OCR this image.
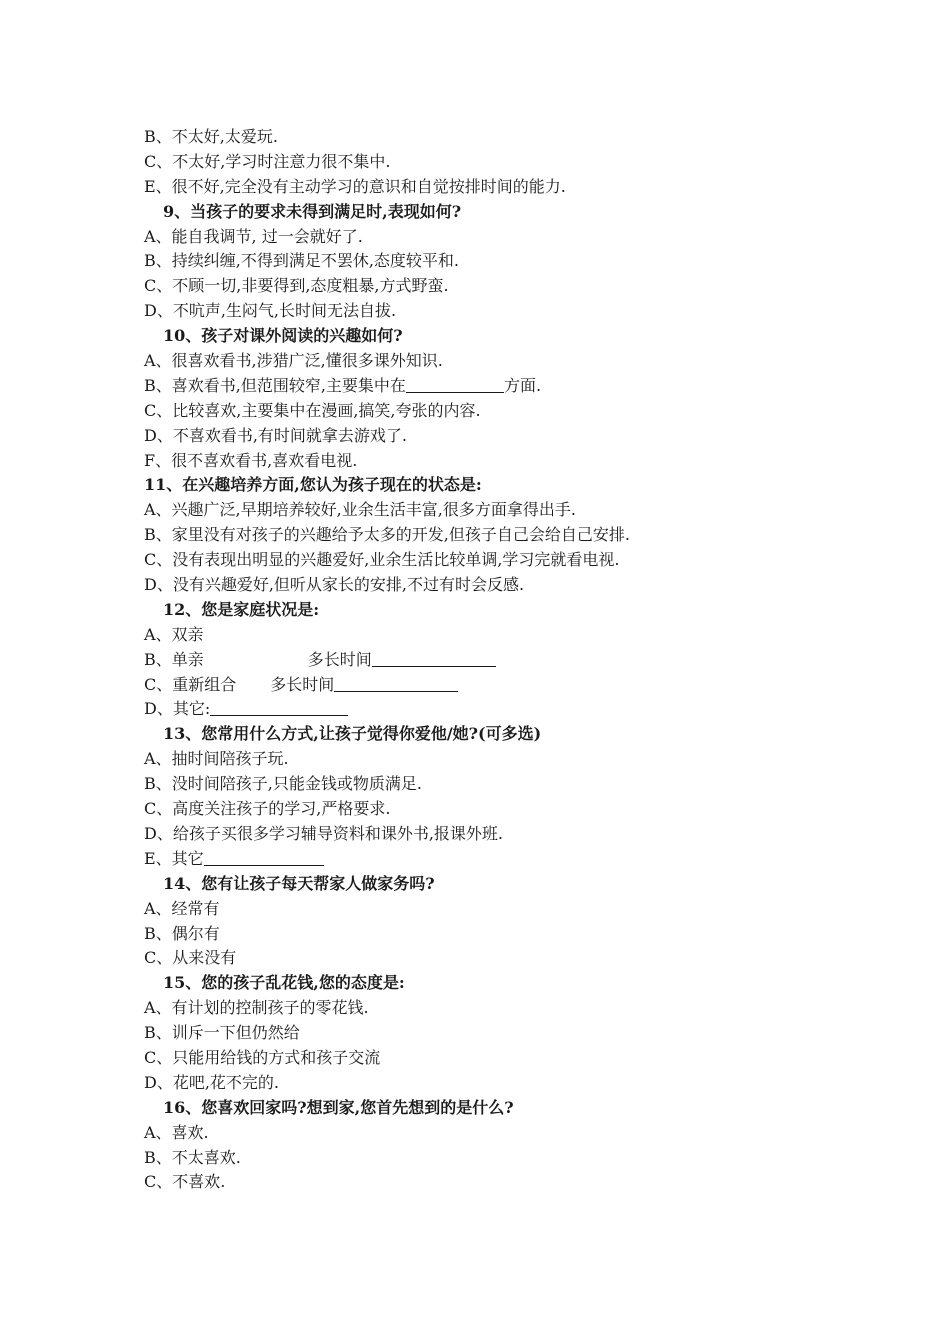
B、不太好,太爱玩.
C、不太好,学习时注意力很不集中.
E、很不好,完全没有主动学习的意识和自觉按排时间的能力.
9、当孩子的要求未得到满足时,表现如何?
A、能自我调节, 过一会就好了.
B、持续纠缠,不得到满足不罢休,态度较平和.
C、不顾一切,非要得到,态度粗暴,方式野蛮.
D、不吭声,生闷气,长时间无法自拔.
10、孩子对课外阅读的兴趣如何?
A、很喜欢看书,涉猎广泛,懂很多课外知识.
B、喜欢看书,但范围较窄,主要集中在	方面.
C、比较喜欢,主要集中在漫画,搞笑,夸张的内容.
D、不喜欢看书,有时间就拿去游戏了.
F、很不喜欢看书,喜欢看电视.
11、在兴趣培养方面,您认为孩子现在的状态是:
A、兴趣广泛,早期培养较好,业余生活丰富,很多方面拿得出手.
B、家里没有对孩子的兴趣给予太多的开发,但孩子自己会给自己安排.
C、没有表现出明显的兴趣爱好,业余生活比较单调,学习完就看电视.
D、没有兴趣爱好,但听从家长的安排,不过有时会反感.
12、您是家庭状况是:
A、双亲
B、单亲	多长时间
C、重新组合 多长时间
D、其它:
13、您常用什么方式,让孩子觉得你爱他/她?(可多选)
A、抽时间陪孩子玩.
B、没时间陪孩子,只能金钱或物质满足.
C、高度关注孩子的学习,严格要求.
D、给孩子买很多学习辅导资料和课外书,报课外班.
E、其它
14、您有让孩子每天帮家人做家务吗?
A、经常有
B、偶尔有
C、从来没有
15、您的孩子乱花钱,您的态度是:
A、有计划的控制孩子的零花钱.
B、训斥一下但仍然给
C、只能用给钱的方式和孩子交流
D、花吧,花不完的.
16、您喜欢回家吗?想到家,您首先想到的是什么?
A、喜欢.
B、不太喜欢.
C、不喜欢.
